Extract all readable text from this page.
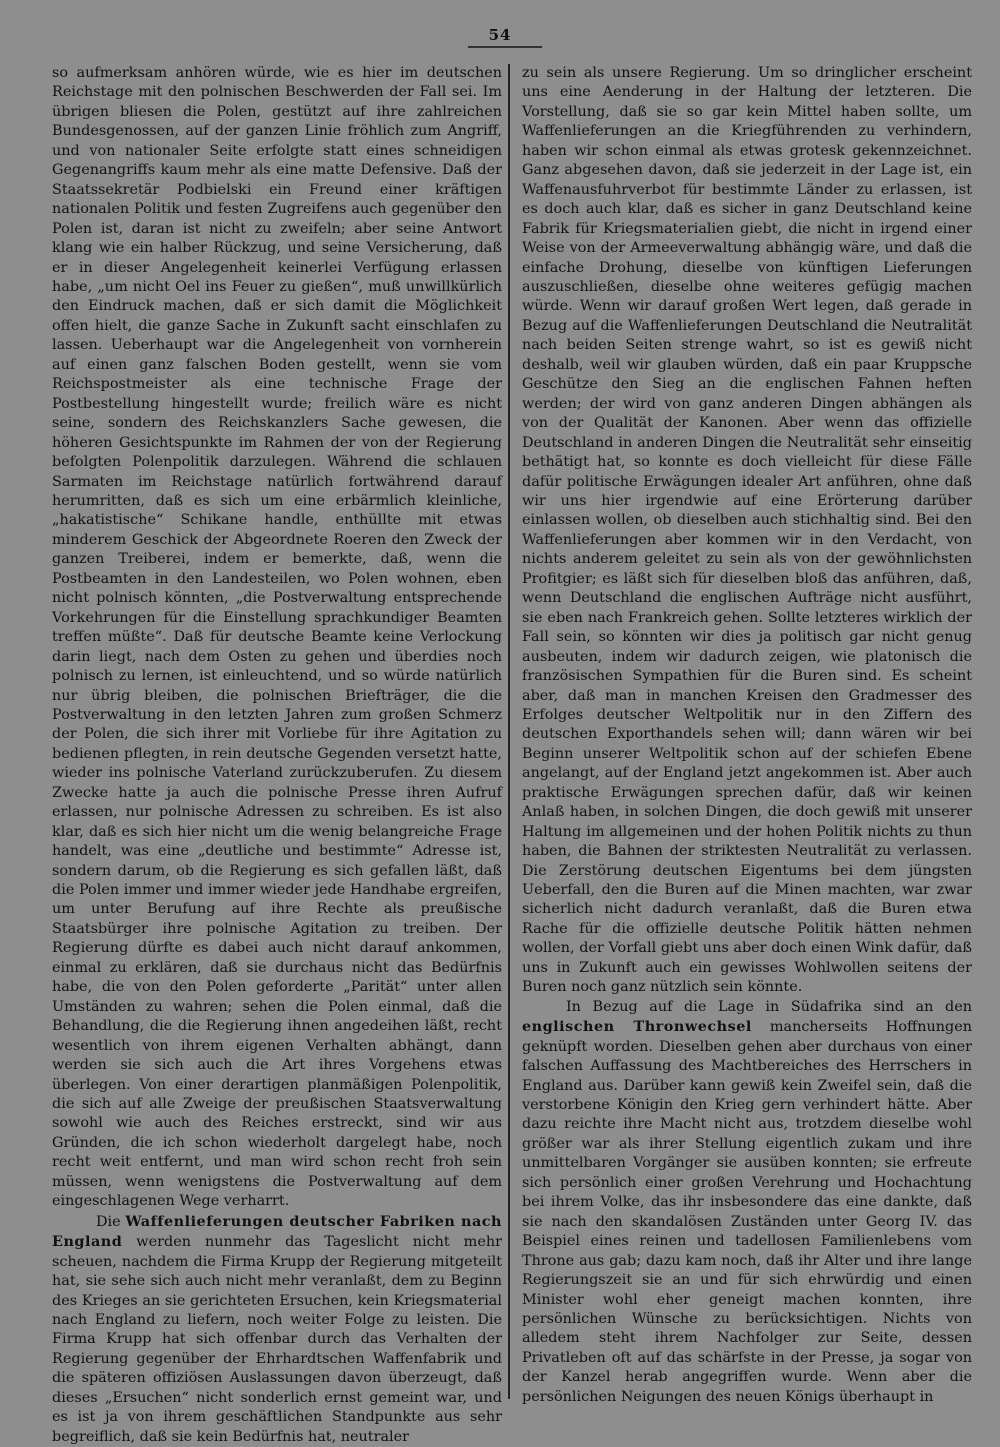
54

so aufmerksam anhören würde, wie es hier im deutschen Reichstage mit den polnischen Beschwerden der Fall sei. Im übrigen bliesen die Polen, gestützt auf ihre zahlreichen Bundesgenossen, auf der ganzen Linie fröhlich zum Angriff, und von nationaler Seite erfolgte statt eines schneidigen Gegenangriffs kaum mehr als eine matte Defensive. Daß der Staatssekretär Podbielski ein Freund einer kräftigen nationalen Politik und festen Zugreifens auch gegenüber den Polen ist, daran ist nicht zu zweifeln; aber seine Antwort klang wie ein halber Rückzug, und seine Versicherung, daß er in dieser Angelegenheit keinerlei Verfügung erlassen habe, „um nicht Oel ins Feuer zu gießen“, muß unwillkürlich den Eindruck machen, daß er sich damit die Möglichkeit offen hielt, die ganze Sache in Zukunft sacht einschlafen zu lassen. Ueberhaupt war die Angelegenheit von vornherein auf einen ganz falschen Boden gestellt, wenn sie vom Reichspostmeister als eine technische Frage der Postbestellung hingestellt wurde; freilich wäre es nicht seine, sondern des Reichskanzlers Sache gewesen, die höheren Gesichtspunkte im Rahmen der von der Regierung befolgten Polenpolitik darzulegen. Während die schlauen Sarmaten im Reichstage natürlich fortwährend darauf herumritten, daß es sich um eine erbärmlich kleinliche, „hakatistische“ Schikane handle, enthüllte mit etwas minderem Geschick der Abgeordnete Roeren den Zweck der ganzen Treiberei, indem er bemerkte, daß, wenn die Postbeamten in den Landesteilen, wo Polen wohnen, eben nicht polnisch könnten, „die Postverwaltung entsprechende Vorkehrungen für die Einstellung sprachkundiger Beamten treffen müßte“. Daß für deutsche Beamte keine Verlockung darin liegt, nach dem Osten zu gehen und überdies noch polnisch zu lernen, ist einleuchtend, und so würde natürlich nur übrig bleiben, die polnischen Briefträger, die die Postverwaltung in den letzten Jahren zum großen Schmerz der Polen, die sich ihrer mit Vorliebe für ihre Agitation zu bedienen pflegten, in rein deutsche Gegenden versetzt hatte, wieder ins polnische Vaterland zurückzuberufen. Zu diesem Zwecke hatte ja auch die polnische Presse ihren Aufruf erlassen, nur polnische Adressen zu schreiben. Es ist also klar, daß es sich hier nicht um die wenig belangreiche Frage handelt, was eine „deutliche und bestimmte“ Adresse ist, sondern darum, ob die Regierung es sich gefallen läßt, daß die Polen immer und immer wieder jede Handhabe ergreifen, um unter Berufung auf ihre Rechte als preußische Staatsbürger ihre polnische Agitation zu treiben. Der Regierung dürfte es dabei auch nicht darauf ankommen, einmal zu erklären, daß sie durchaus nicht das Bedürfnis habe, die von den Polen geforderte „Parität“ unter allen Umständen zu wahren; sehen die Polen einmal, daß die Behandlung, die die Regierung ihnen angedeihen läßt, recht wesentlich von ihrem eigenen Verhalten abhängt, dann werden sie sich auch die Art ihres Vorgehens etwas überlegen. Von einer derartigen planmäßigen Polenpolitik, die sich auf alle Zweige der preußischen Staatsverwaltung sowohl wie auch des Reiches erstreckt, sind wir aus Gründen, die ich schon wiederholt dargelegt habe, noch recht weit entfernt, und man wird schon recht froh sein müssen, wenn wenigstens die Postverwaltung auf dem eingeschlagenen Wege verharrt.

Die Waffenlieferungen deutscher Fabriken nach England werden nunmehr das Tageslicht nicht mehr scheuen, nachdem die Firma Krupp der Regierung mitgeteilt hat, sie sehe sich auch nicht mehr veranlaßt, dem zu Beginn des Krieges an sie gerichteten Ersuchen, kein Kriegsmaterial nach England zu liefern, noch weiter Folge zu leisten. Die Firma Krupp hat sich offenbar durch das Verhalten der Regierung gegenüber der Ehrhardtschen Waffenfabrik und die späteren offiziösen Auslassungen davon überzeugt, daß dieses „Ersuchen“ nicht sonderlich ernst gemeint war, und es ist ja von ihrem geschäftlichen Standpunkte aus sehr begreiflich, daß sie kein Bedürfnis hat, neutraler

zu sein als unsere Regierung. Um so dringlicher erscheint uns eine Aenderung in der Haltung der letzteren. Die Vorstellung, daß sie so gar kein Mittel haben sollte, um Waffenlieferungen an die Kriegführenden zu verhindern, haben wir schon einmal als etwas grotesk gekennzeichnet. Ganz abgesehen davon, daß sie jederzeit in der Lage ist, ein Waffenausfuhrverbot für bestimmte Länder zu erlassen, ist es doch auch klar, daß es sicher in ganz Deutschland keine Fabrik für Kriegsmaterialien giebt, die nicht in irgend einer Weise von der Armeeverwaltung abhängig wäre, und daß die einfache Drohung, dieselbe von künftigen Lieferungen auszuschließen, dieselbe ohne weiteres gefügig machen würde. Wenn wir darauf großen Wert legen, daß gerade in Bezug auf die Waffenlieferungen Deutschland die Neutralität nach beiden Seiten strenge wahrt, so ist es gewiß nicht deshalb, weil wir glauben würden, daß ein paar Kruppsche Geschütze den Sieg an die englischen Fahnen heften werden; der wird von ganz anderen Dingen abhängen als von der Qualität der Kanonen. Aber wenn das offizielle Deutschland in anderen Dingen die Neutralität sehr einseitig bethätigt hat, so konnte es doch vielleicht für diese Fälle dafür politische Erwägungen idealer Art anführen, ohne daß wir uns hier irgendwie auf eine Erörterung darüber einlassen wollen, ob dieselben auch stichhaltig sind. Bei den Waffenlieferungen aber kommen wir in den Verdacht, von nichts anderem geleitet zu sein als von der gewöhnlichsten Profitgier; es läßt sich für dieselben bloß das anführen, daß, wenn Deutschland die englischen Aufträge nicht ausführt, sie eben nach Frankreich gehen. Sollte letzteres wirklich der Fall sein, so könnten wir dies ja politisch gar nicht genug ausbeuten, indem wir dadurch zeigen, wie platonisch die französischen Sympathien für die Buren sind. Es scheint aber, daß man in manchen Kreisen den Gradmesser des Erfolges deutscher Weltpolitik nur in den Ziffern des deutschen Exporthandels sehen will; dann wären wir bei Beginn unserer Weltpolitik schon auf der schiefen Ebene angelangt, auf der England jetzt angekommen ist. Aber auch praktische Erwägungen sprechen dafür, daß wir keinen Anlaß haben, in solchen Dingen, die doch gewiß mit unserer Haltung im allgemeinen und der hohen Politik nichts zu thun haben, die Bahnen der striktesten Neutralität zu verlassen. Die Zerstörung deutschen Eigentums bei dem jüngsten Ueberfall, den die Buren auf die Minen machten, war zwar sicherlich nicht dadurch veranlaßt, daß die Buren etwa Rache für die offizielle deutsche Politik hätten nehmen wollen, der Vorfall giebt uns aber doch einen Wink dafür, daß uns in Zukunft auch ein gewisses Wohlwollen seitens der Buren noch ganz nützlich sein könnte.

In Bezug auf die Lage in Südafrika sind an den englischen Thronwechsel mancherseits Hoffnungen geknüpft worden. Dieselben gehen aber durchaus von einer falschen Auffassung des Machtbereiches des Herrschers in England aus. Darüber kann gewiß kein Zweifel sein, daß die verstorbene Königin den Krieg gern verhindert hätte. Aber dazu reichte ihre Macht nicht aus, trotzdem dieselbe wohl größer war als ihrer Stellung eigentlich zukam und ihre unmittelbaren Vorgänger sie ausüben konnten; sie erfreute sich persönlich einer großen Verehrung und Hochachtung bei ihrem Volke, das ihr insbesondere das eine dankte, daß sie nach den skandalösen Zuständen unter Georg IV. das Beispiel eines reinen und tadellosen Familienlebens vom Throne aus gab; dazu kam noch, daß ihr Alter und ihre lange Regierungszeit sie an und für sich ehrwürdig und einen Minister wohl eher geneigt machen konnten, ihre persönlichen Wünsche zu berücksichtigen. Nichts von alledem steht ihrem Nachfolger zur Seite, dessen Privatleben oft auf das schärfste in der Presse, ja sogar von der Kanzel herab angegriffen wurde. Wenn aber die persönlichen Neigungen des neuen Königs überhaupt in
